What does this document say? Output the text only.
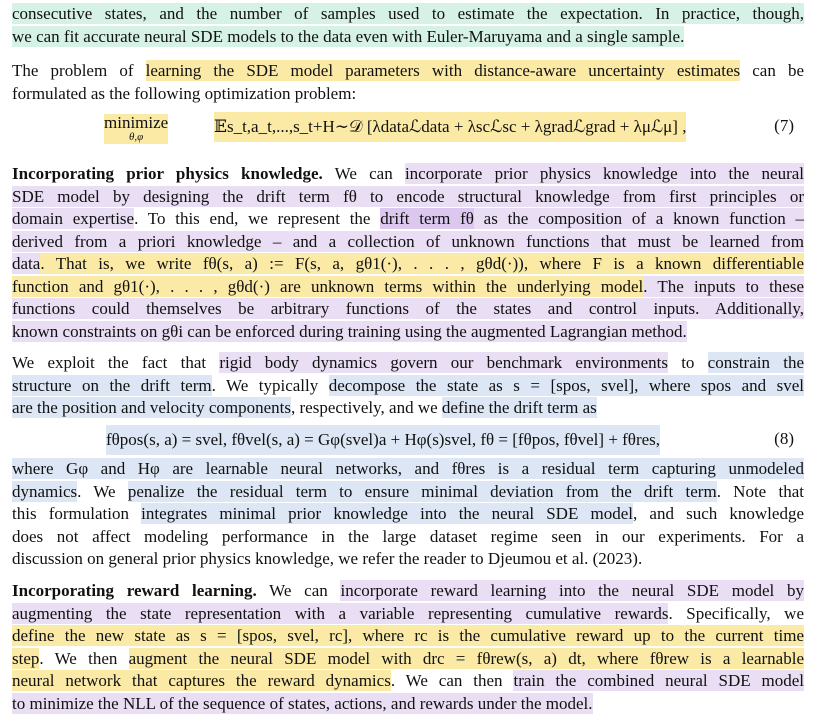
consecutive states, and the number of samples used to estimate the expectation. In practice, though,
we can fit accurate neural SDE models to the data even with Euler-Maruyama and a single sample.
The problem of learning the SDE model parameters with distance-aware uncertainty estimates can be
formulated as the following optimization problem:
minimize
θ,φ
𝔼s_t,a_t,...,s_t+H∼𝒟 [λdataℒdata + λscℒsc + λgradℒgrad + λμℒμ] ,	(7)
Incorporating prior physics knowledge. We can incorporate prior physics knowledge into the neural
SDE model by designing the drift term fθ to encode structural knowledge from first principles or
domain expertise. To this end, we represent the drift term fθ as the composition of a known function –
derived from a priori knowledge – and a collection of unknown functions that must be learned from
data. That is, we write fθ(s, a) := F(s, a, gθ1(·), . . . , gθd(·)), where F is a known differentiable
function and gθ1(·), . . . , gθd(·) are unknown terms within the underlying model. The inputs to these
functions could themselves be arbitrary functions of the states and control inputs. Additionally,
known constraints on gθi can be enforced during training using the augmented Lagrangian method.
We exploit the fact that rigid body dynamics govern our benchmark environments to constrain the
structure on the drift term. We typically decompose the state as s = [spos, svel], where spos and svel
are the position and velocity components, respectively, and we define the drift term as
fθpos(s, a) = svel, fθvel(s, a) = Gφ(svel)a + Hφ(s)svel, fθ = [fθpos, fθvel] + fθres,	(8)
where Gφ and Hφ are learnable neural networks, and fθres is a residual term capturing unmodeled
dynamics. We penalize the residual term to ensure minimal deviation from the drift term. Note that
this formulation integrates minimal prior knowledge into the neural SDE model, and such knowledge
does not affect modeling performance in the large dataset regime seen in our experiments. For a
discussion on general prior physics knowledge, we refer the reader to Djeumou et al. (2023).
Incorporating reward learning. We can incorporate reward learning into the neural SDE model by
augmenting the state representation with a variable representing cumulative rewards. Specifically, we
define the new state as s = [spos, svel, rc], where rc is the cumulative reward up to the current time
step. We then augment the neural SDE model with drc = fθrew(s, a) dt, where fθrew is a learnable
neural network that captures the reward dynamics. We can then train the combined neural SDE model
to minimize the NLL of the sequence of states, actions, and rewards under the model.
